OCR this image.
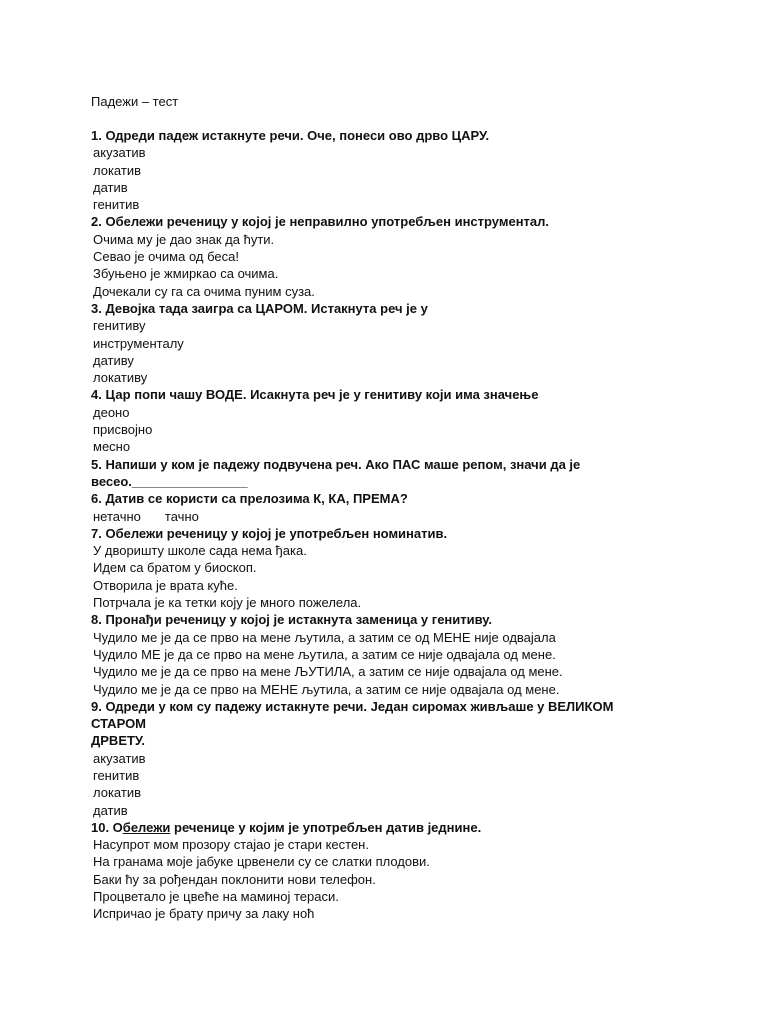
Падежи – тест
1. Одреди падеж истакнуте речи. Оче, понеси ово дрво ЦАРУ.
акузатив
локатив
датив
генитив
2. Обележи реченицу у којој је неправилно употребљен инструментал.
Очима му је дао знак да ћути.
Севао је очима од беса!
Збуњено је жмиркао са очима.
Дочекали су га са очима пуним суза.
3. Девојка тада заигра са ЦАРОМ. Истакнута реч је у
генитиву
инструменталу
дативу
локативу
4. Цар попи чашу ВОДЕ. Исакнута реч је у генитиву који има значење
деоно
присвојно
месно
5. Напиши у ком је падежу подвучена реч. Ако ПАС маше репом, значи да је
весео.________________
6. Датив се користи са прелозима К, КА, ПРЕМА?
нетачно тачно
7. Обележи реченицу у којој је употребљен номинатив.
У дворишту школе сада нема ђака.
Идем са братом у биоскоп.
Отворила је врата куће.
Потрчала је ка тетки коју је много пожелела.
8. Пронађи реченицу у којој је истакнута заменица у генитиву.
Чудило ме је да се прво на мене љутила, а затим се од МЕНЕ није одвајала
Чудило МЕ је да се прво на мене љутила, а затим се није одвајала од мене.
Чудило ме је да се прво на мене ЉУТИЛА, а затим се није одвајала од мене.
Чудило ме је да се прво на МЕНЕ љутила, а затим се није одвајала од мене.
9. Одреди у ком су падежу истакнуте речи. Један сиромах живљаше у ВЕЛИКОМ СТАРОМ
ДРВЕТУ.
акузатив
генитив
локатив
датив
10. Обележи реченице у којим је употребљен датив једнине.
Насупрот мом прозору стајао је стари кестен.
На гранама моје јабуке црвенели су се слатки плодови.
Баки ћу за рођендан поклонити нови телефон.
Процветало је цвеће на маминој тераси.
Испричао је брату причу за лаку ноћ
